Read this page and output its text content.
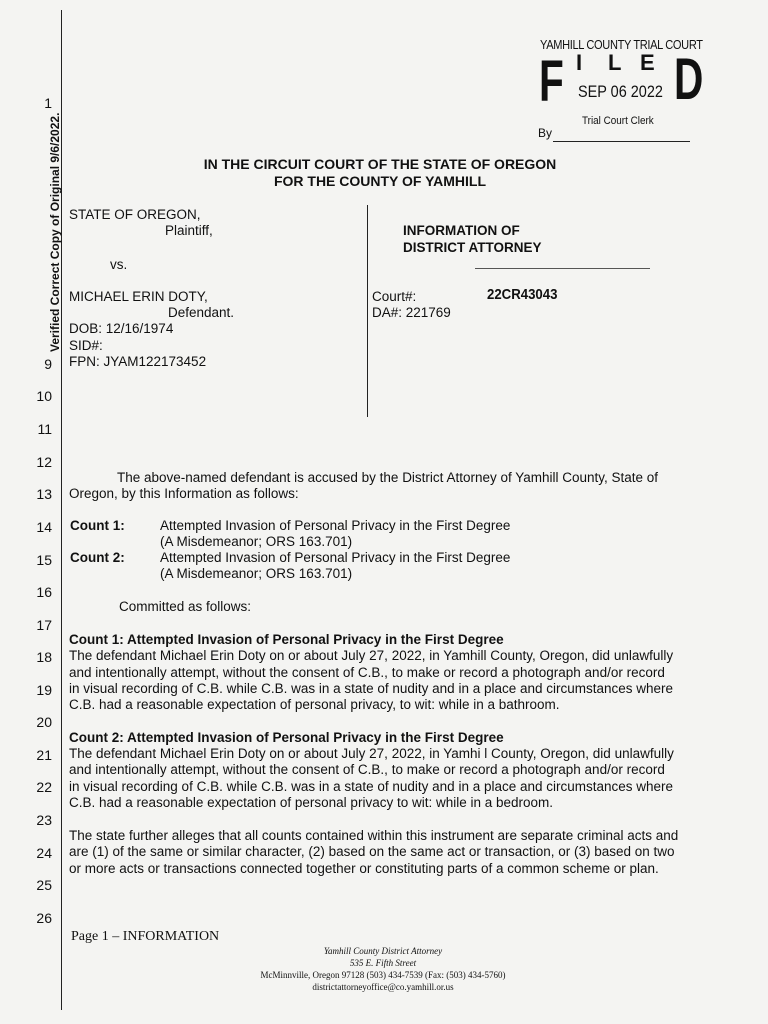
Verified Correct Copy of Original 9/6/2022.
1
9
10
11
12
13
14
15
16
17
18
19
20
21
22
23
24
25
26
YAMHILL COUNTY TRIAL COURT
F I L E D
SEP 06 2022
Trial Court Clerk
By
IN THE CIRCUIT COURT OF THE STATE OF OREGON
FOR THE COUNTY OF YAMHILL
STATE OF OREGON,
Plaintiff,
vs.
MICHAEL ERIN DOTY,
Defendant.
DOB: 12/16/1974
SID#:
FPN: JYAM122173452
INFORMATION OF
DISTRICT ATTORNEY
Court#:	22CR43043
DA#: 221769
The above-named defendant is accused by the District Attorney of Yamhill County, State of
Oregon, by this Information as follows:
Count 1:	Attempted Invasion of Personal Privacy in the First Degree
(A Misdemeanor; ORS 163.701)
Count 2:	Attempted Invasion of Personal Privacy in the First Degree
(A Misdemeanor; ORS 163.701)
Committed as follows:
Count 1: Attempted Invasion of Personal Privacy in the First Degree
The defendant Michael Erin Doty on or about July 27, 2022, in Yamhill County, Oregon, did unlawfully
and intentionally attempt, without the consent of C.B., to make or record a photograph and/or record
in visual recording of C.B. while C.B. was in a state of nudity and in a place and circumstances where
C.B. had a reasonable expectation of personal privacy, to wit: while in a bathroom.
Count 2: Attempted Invasion of Personal Privacy in the First Degree
The defendant Michael Erin Doty on or about July 27, 2022, in Yamhi l County, Oregon, did unlawfully
and intentionally attempt, without the consent of C.B., to make or record a photograph and/or record
in visual recording of C.B. while C.B. was in a state of nudity and in a place and circumstances where
C.B. had a reasonable expectation of personal privacy to wit: while in a bedroom.
The state further alleges that all counts contained within this instrument are separate criminal acts and
are (1) of the same or similar character, (2) based on the same act or transaction, or (3) based on two
or more acts or transactions connected together or constituting parts of a common scheme or plan.
Page 1 – INFORMATION
Yamhill County District Attorney
535 E. Fifth Street
McMinnville, Oregon 97128 (503) 434-7539 (Fax: (503) 434-5760)
districtattorneyoffice@co.yamhill.or.us
